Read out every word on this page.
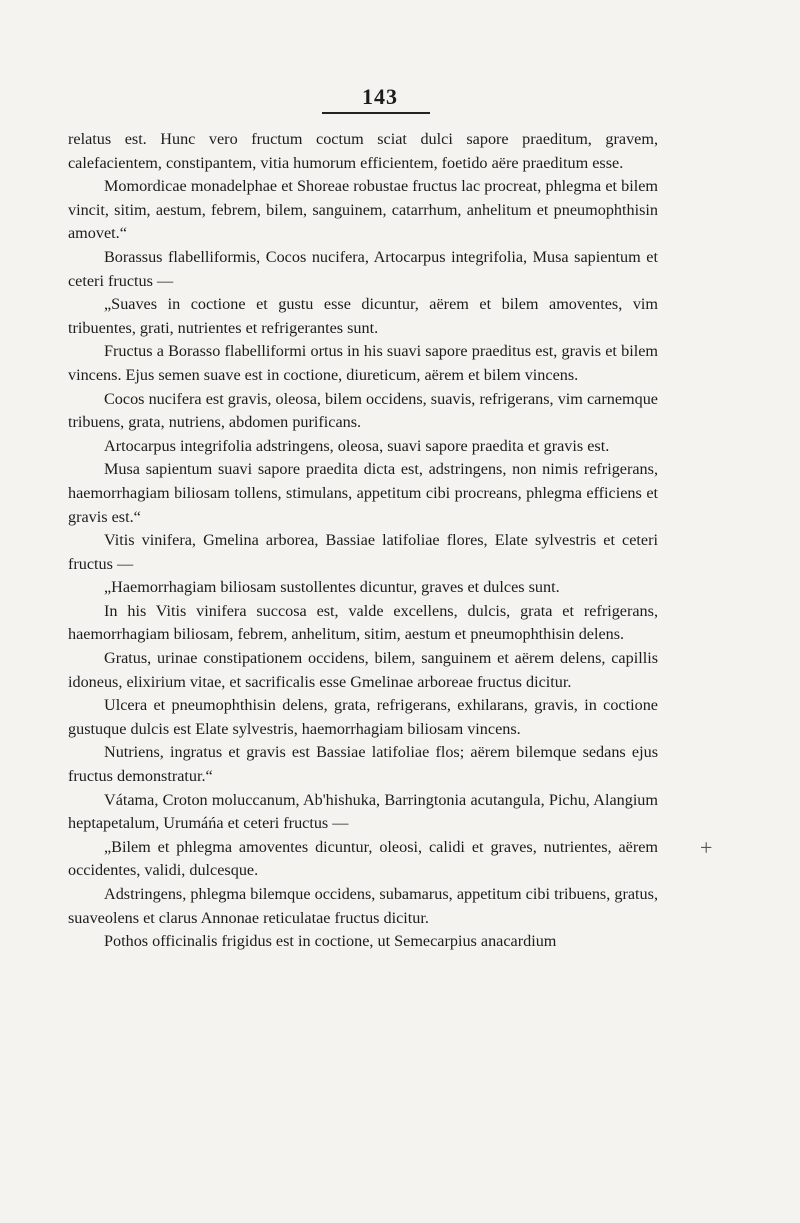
143

relatus est. Hunc vero fructum coctum sciat dulci sapore praeditum, gravem, calefacientem, constipantem, vitia humorum efficientem, foetido aëre praeditum esse.

Momordicae monadelphae et Shoreae robustae fructus lac procreat, phlegma et bilem vincit, sitim, aestum, febrem, bilem, sanguinem, catarrhum, anhelitum et pneumophthisin amovet.“

Borassus flabelliformis, Cocos nucifera, Artocarpus integrifolia, Musa sapientum et ceteri fructus —

„Suaves in coctione et gustu esse dicuntur, aërem et bilem amoventes, vim tribuentes, grati, nutrientes et refrigerantes sunt.

Fructus a Borasso flabelliformi ortus in his suavi sapore praeditus est, gravis et bilem vincens. Ejus semen suave est in coctione, diureticum, aërem et bilem vincens.

Cocos nucifera est gravis, oleosa, bilem occidens, suavis, refrigerans, vim carnemque tribuens, grata, nutriens, abdomen purificans.

Artocarpus integrifolia adstringens, oleosa, suavi sapore praedita et gravis est.

Musa sapientum suavi sapore praedita dicta est, adstringens, non nimis refrigerans, haemorrhagiam biliosam tollens, stimulans, appetitum cibi procreans, phlegma efficiens et gravis est.“

Vitis vinifera, Gmelina arborea, Bassiae latifoliae flores, Elate sylvestris et ceteri fructus —

„Haemorrhagiam biliosam sustollentes dicuntur, graves et dulces sunt.

In his Vitis vinifera succosa est, valde excellens, dulcis, grata et refrigerans, haemorrhagiam biliosam, febrem, anhelitum, sitim, aestum et pneumophthisin delens.

Gratus, urinae constipationem occidens, bilem, sanguinem et aërem delens, capillis idoneus, elixirium vitae, et sacrificalis esse Gmelinae arboreae fructus dicitur.

Ulcera et pneumophthisin delens, grata, refrigerans, exhilarans, gravis, in coctione gustuque dulcis est Elate sylvestris, haemorrhagiam biliosam vincens.

Nutriens, ingratus et gravis est Bassiae latifoliae flos; aërem bilemque sedans ejus fructus demonstratur.“

Vátama, Croton moluccanum, Ab'hishuka, Barringtonia acutangula, Pichu, Alangium heptapetalum, Urumáńa et ceteri fructus —

„Bilem et phlegma amoventes dicuntur, oleosi, calidi et graves, nutrientes, aërem occidentes, validi, dulcesque.

Adstringens, phlegma bilemque occidens, subamarus, appetitum cibi tribuens, gratus, suaveolens et clarus Annonae reticulatae fructus dicitur.

Pothos officinalis frigidus est in coctione, ut Semecarpius anacardium

+
